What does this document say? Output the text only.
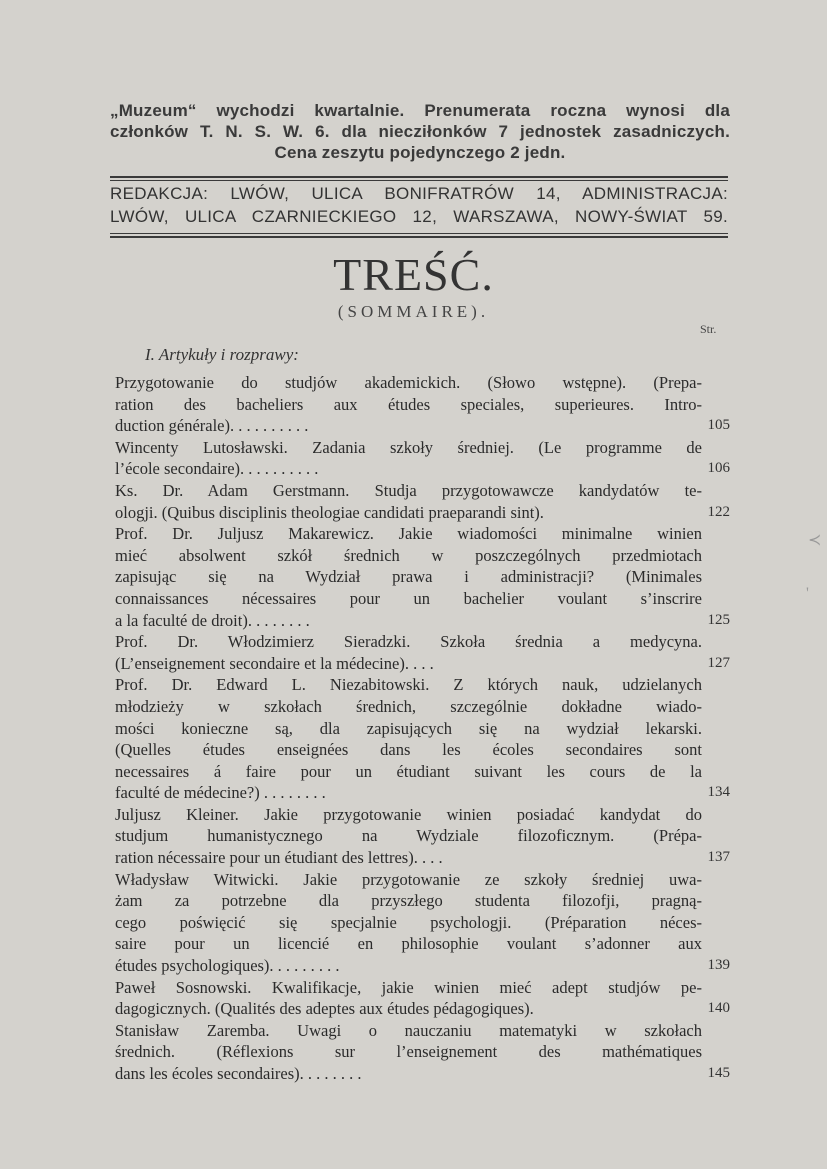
„Muzeum“ wychodzi kwartalnie. Prenumerata roczna wynosi dla
członków T. N. S. W. 6. dla niecziłonków 7 jednostek zasadniczych.
Cena zeszytu pojedynczego 2 jedn.
REDAKCJA: LWÓW, ULICA BONIFRATRÓW 14, ADMINISTRACJA:
LWÓW, ULICA CZARNIECKIEGO 12, WARSZAWA, NOWY-ŚWIAT 59.
TREŚĆ.
(SOMMAIRE).
Str.
I. Artykuły i rozprawy:
Przygotowanie do studjów akademickich. (Słowo wstępne). (Prepa-
ration des bacheliers aux études speciales, superieures. Intro-
duction générale). . . . . . . . . .	105
Wincenty Lutosławski. Zadania szkoły średniej. (Le programme de
l’école secondaire). . . . . . . . . .	106
Ks. Dr. Adam Gerstmann. Studja przygotowawcze kandydatów te-
ologji. (Quibus disciplinis theologiae candidati praeparandi sint).	122
Prof. Dr. Juljusz Makarewicz. Jakie wiadomości minimalne winien
mieć absolwent szkół średnich w poszczególnych przedmiotach
zapisując się na Wydział prawa i administracji? (Minimales
connaissances nécessaires pour un bachelier voulant s’inscrire
a la faculté de droit). . . . . . . .	125
Prof. Dr. Włodzimierz Sieradzki. Szkoła średnia a medycyna.
(L’enseignement secondaire et la médecine). . . .	127
Prof. Dr. Edward L. Niezabitowski. Z których nauk, udzielanych
młodzieży w szkołach średnich, szczególnie dokładne wiado-
mości konieczne są, dla zapisujących się na wydział lekarski.
(Quelles études enseignées dans les écoles secondaires sont
necessaires á faire pour un étudiant suivant les cours de la
faculté de médecine?) . . . . . . . .	134
Juljusz Kleiner. Jakie przygotowanie winien posiadać kandydat do
studjum humanistycznego na Wydziale filozoficznym. (Prépa-
ration nécessaire pour un étudiant des lettres). . . .	137
Władysław Witwicki. Jakie przygotowanie ze szkoły średniej uwa-
żam za potrzebne dla przyszłego studenta filozofji, pragną-
cego poświęcić się specjalnie psychologji. (Préparation néces-
saire pour un licencié en philosophie voulant s’adonner aux
études psychologiques). . . . . . . . .	139
Paweł Sosnowski. Kwalifikacje, jakie winien mieć adept studjów pe-
dagogicznych. (Qualités des adeptes aux études pédagogiques).	140
Stanisław Zaremba. Uwagi o nauczaniu matematyki w szkołach
średnich. (Réflexions sur l’enseignement des mathématiques
dans les écoles secondaires). . . . . . . .	145
≺
'
